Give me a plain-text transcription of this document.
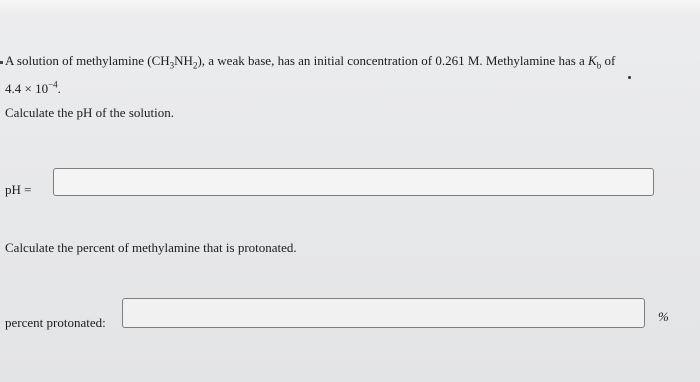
A solution of methylamine $(CH_3NH_2)$, a weak base, has an initial concentration of 0.261 M. Methylamine has a $K_b$ of
$4.4 \times 10^{-4}$.
Calculate the pH of the solution.
pH =
Calculate the percent of methylamine that is protonated.
percent protonated:	%
